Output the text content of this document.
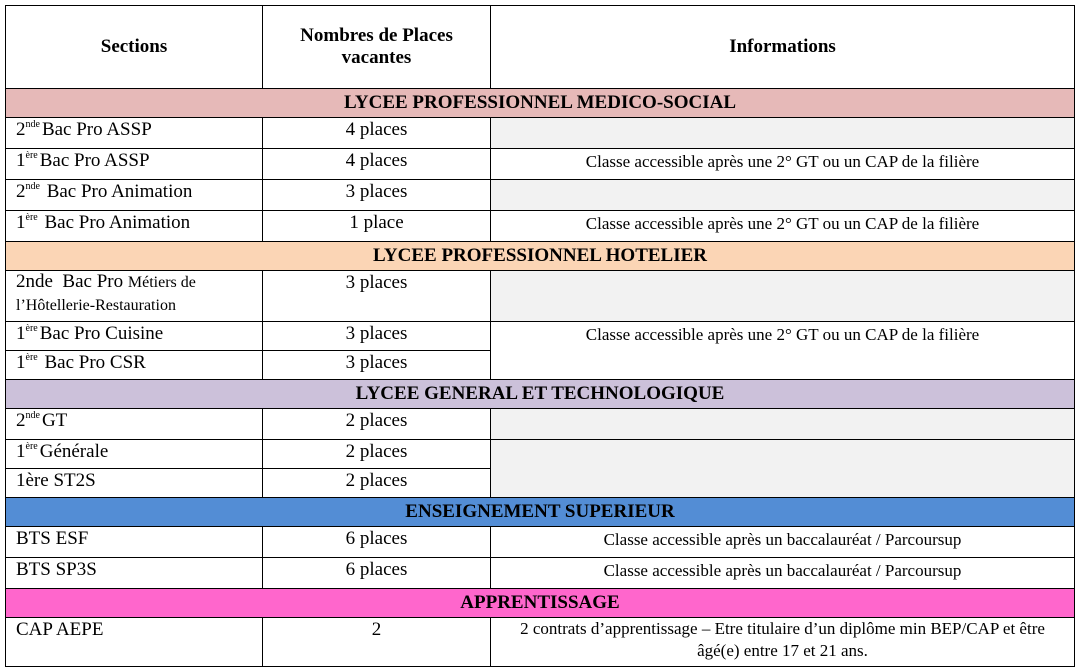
Sections	Nombres de Places vacantes	Informations
LYCEE PROFESSIONNEL MEDICO-SOCIAL		
2nde Bac Pro ASSP	4 places	
1ère Bac Pro ASSP	4 places	Classe accessible après une 2° GT ou un CAP de la filière
2nde Bac Pro Animation	3 places	
1ère Bac Pro Animation	1 place	Classe accessible après une 2° GT ou un CAP de la filière
LYCEE PROFESSIONNEL HOTELIER		
2nde  Bac Pro Métiers de l’Hôtellerie-Restauration	3 places	
1ère Bac Pro Cuisine	3 places	Classe accessible après une 2° GT ou un CAP de la filière
1ère Bac Pro CSR	3 places	
LYCEE GENERAL ET TECHNOLOGIQUE		
2nde GT	2 places	
1ère Générale	2 places	
1ère ST2S	2 places	
ENSEIGNEMENT SUPERIEUR		
BTS ESF	6 places	Classe accessible après un baccalauréat / Parcoursup
BTS SP3S	6 places	Classe accessible après un baccalauréat / Parcoursup
APPRENTISSAGE		
CAP AEPE	2	2 contrats d’apprentissage – Etre titulaire d’un diplôme min BEP/CAP et être âgé(e) entre 17 et 21 ans.
